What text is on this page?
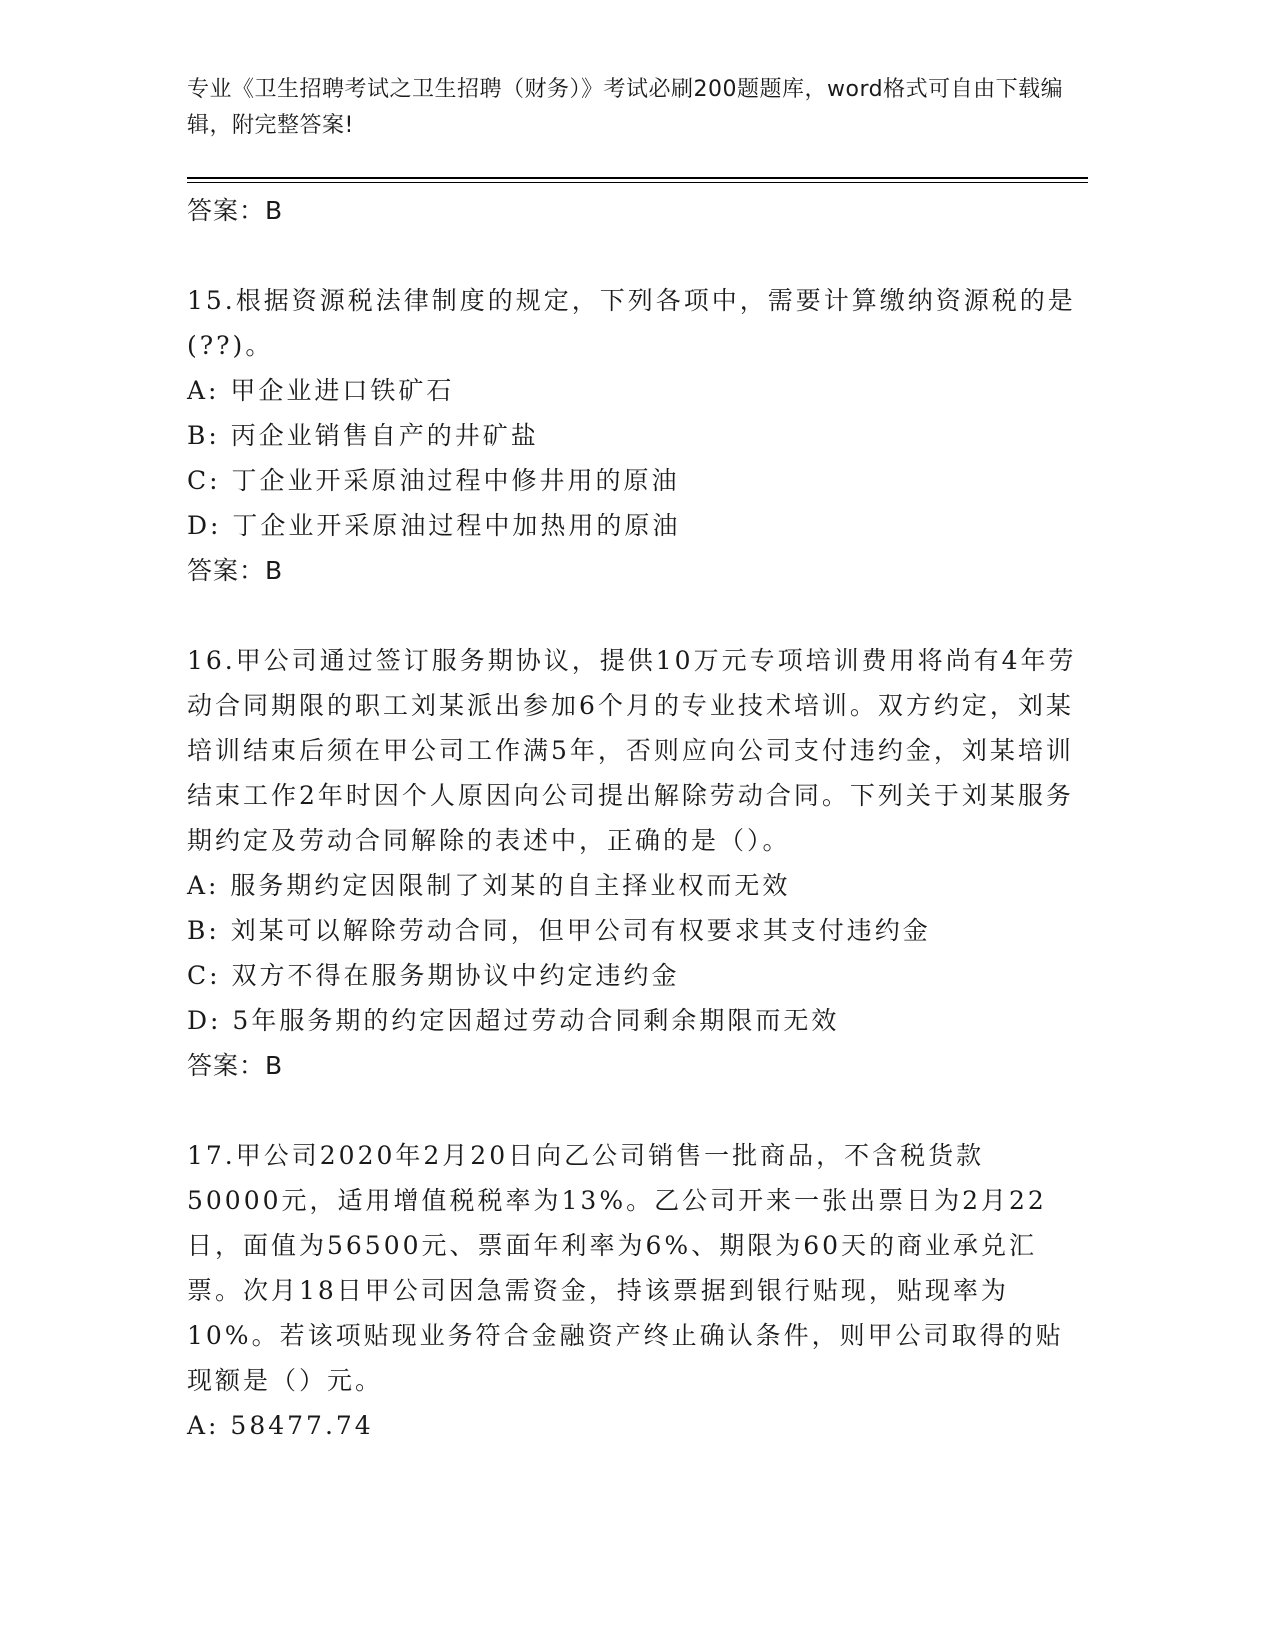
专业《卫生招聘考试之卫生招聘（财务）》考试必刷200题题库，word格式可自由下载编辑，附完整答案!

答案：B

15.根据资源税法律制度的规定，下列各项中，需要计算缴纳资源税的是(??)。

A: 甲企业进口铁矿石

B: 丙企业销售自产的井矿盐

C: 丁企业开采原油过程中修井用的原油

D: 丁企业开采原油过程中加热用的原油

答案：B

16.甲公司通过签订服务期协议，提供10万元专项培训费用将尚有4年劳动合同期限的职工刘某派出参加6个月的专业技术培训。双方约定，刘某培训结束后须在甲公司工作满5年，否则应向公司支付违约金，刘某培训结束工作2年时因个人原因向公司提出解除劳动合同。下列关于刘某服务期约定及劳动合同解除的表述中，正确的是（）。

A: 服务期约定因限制了刘某的自主择业权而无效

B: 刘某可以解除劳动合同，但甲公司有权要求其支付违约金

C: 双方不得在服务期协议中约定违约金

D: 5年服务期的约定因超过劳动合同剩余期限而无效

答案：B

17.甲公司2020年2月20日向乙公司销售一批商品，不含税货款50000元，适用增值税税率为13%。乙公司开来一张出票日为2月22日，面值为56500元、票面年利率为6%、期限为60天的商业承兑汇票。次月18日甲公司因急需资金，持该票据到银行贴现，贴现率为10%。若该项贴现业务符合金融资产终止确认条件，则甲公司取得的贴现额是（）元。

A: 58477.74
